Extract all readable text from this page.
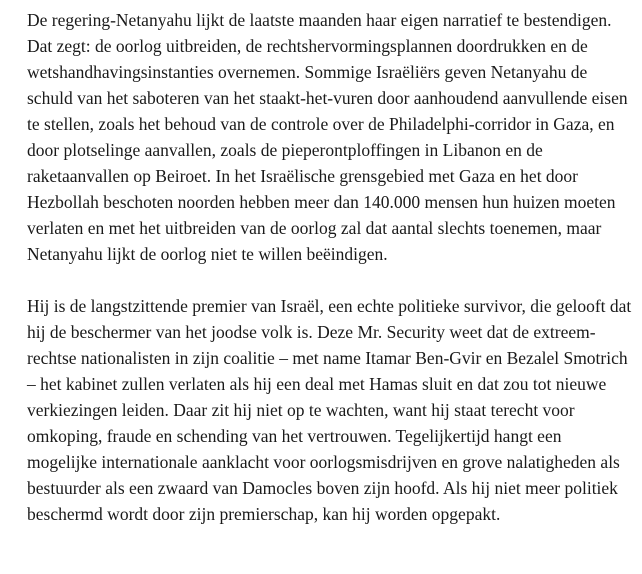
De regering-Netanyahu lijkt de laatste maanden haar eigen narratief te bestendigen. Dat zegt: de oorlog uitbreiden, de rechtshervormingsplannen doordrukken en de wetshandhavingsinstanties overnemen. Sommige Israëliërs geven Netanyahu de schuld van het saboteren van het staakt-het-vuren door aanhoudend aanvullende eisen te stellen, zoals het behoud van de controle over de Philadelphi-corridor in Gaza, en door plotselinge aanvallen, zoals de pieperontploffingen in Libanon en de raketaanvallen op Beiroet. In het Israëlische grensgebied met Gaza en het door Hezbollah beschoten noorden hebben meer dan 140.000 mensen hun huizen moeten verlaten en met het uitbreiden van de oorlog zal dat aantal slechts toenemen, maar Netanyahu lijkt de oorlog niet te willen beëindigen.

Hij is de langstzittende premier van Israël, een echte politieke survivor, die gelooft dat hij de beschermer van het joodse volk is. Deze Mr. Security weet dat de extreem-rechtse nationalisten in zijn coalitie – met name Itamar Ben-Gvir en Bezalel Smotrich – het kabinet zullen verlaten als hij een deal met Hamas sluit en dat zou tot nieuwe verkiezingen leiden. Daar zit hij niet op te wachten, want hij staat terecht voor omkoping, fraude en schending van het vertrouwen. Tegelijkertijd hangt een mogelijke internationale aanklacht voor oorlogsmisdrijven en grove nalatigheden als bestuurder als een zwaard van Damocles boven zijn hoofd. Als hij niet meer politiek beschermd wordt door zijn premierschap, kan hij worden opgepakt.
